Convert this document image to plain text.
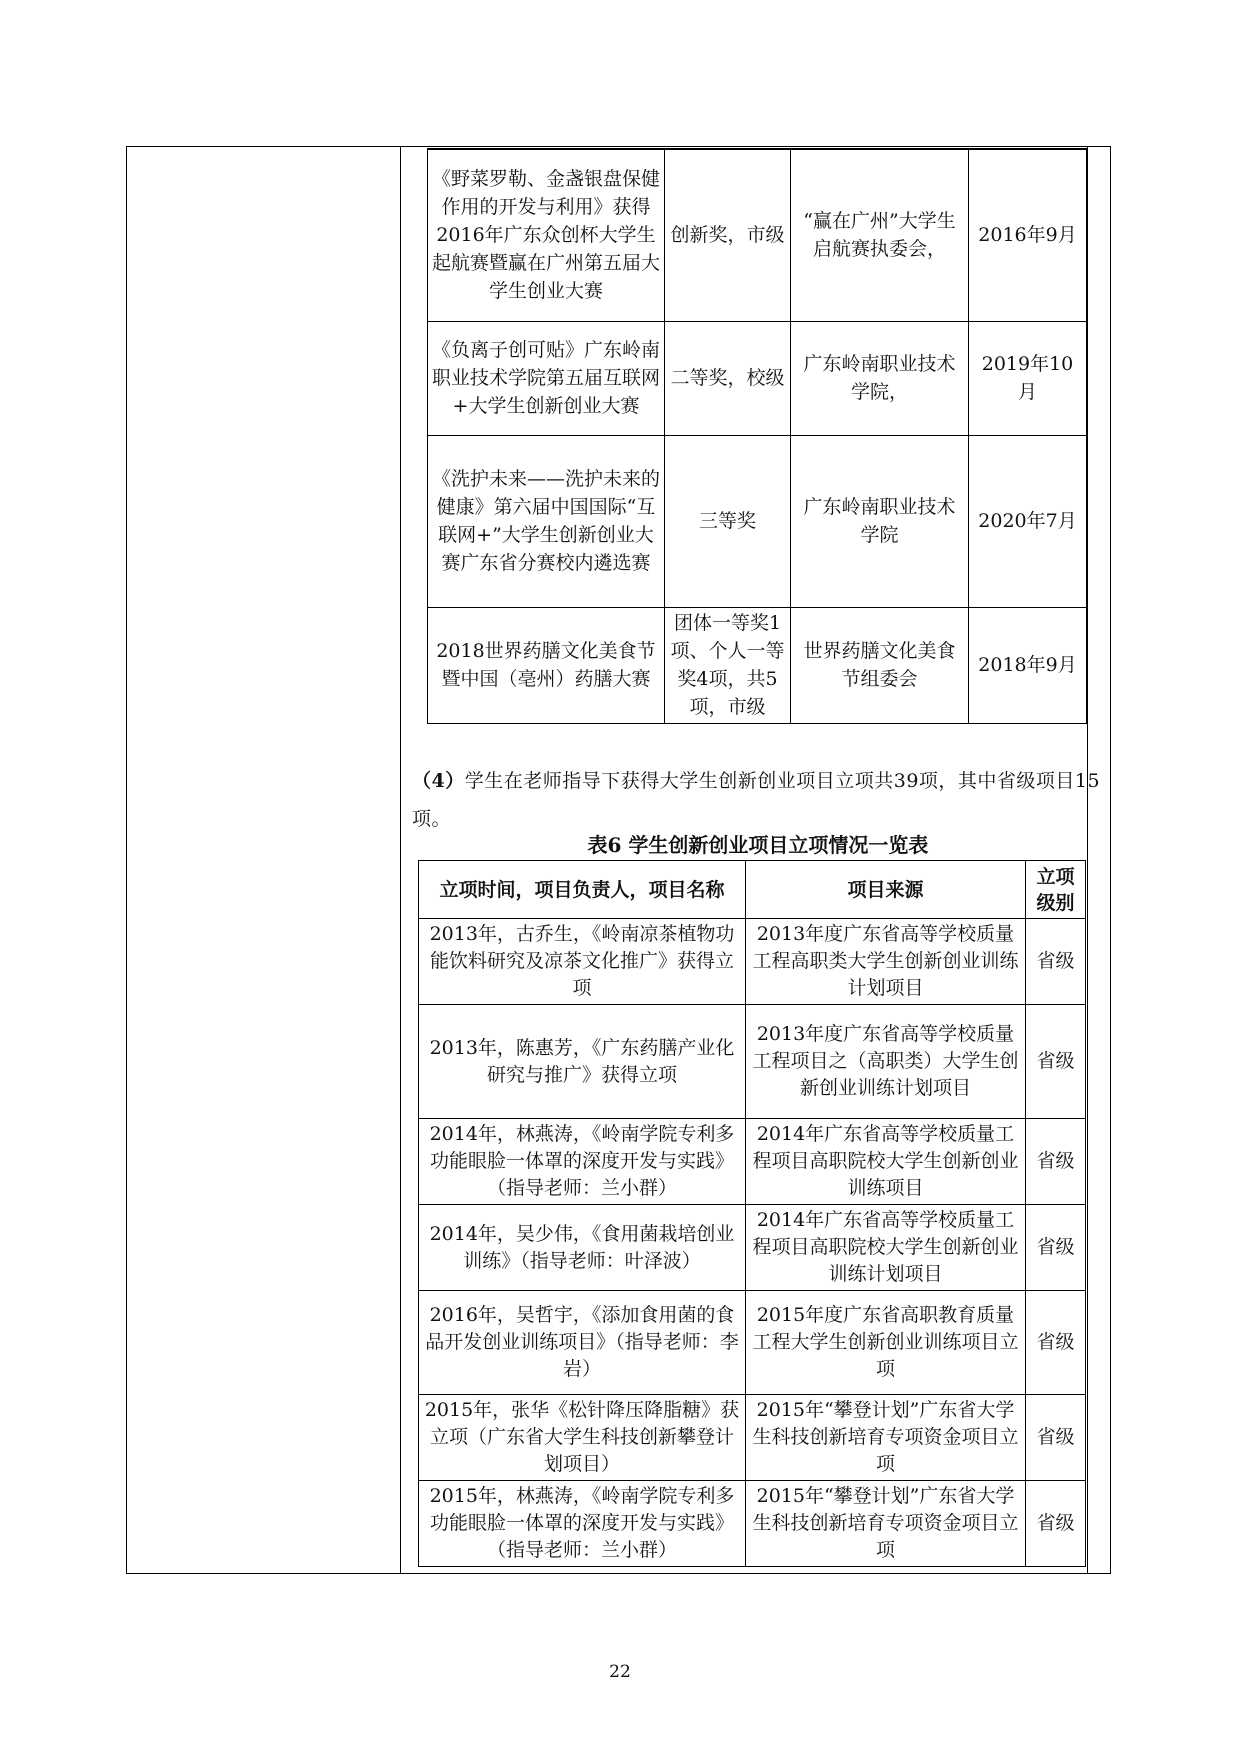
《野菜罗勒、金盏银盘保健作用的开发与利用》获得2016年广东众创杯大学生起航赛暨赢在广州第五届大学生创业大赛	创新奖，市级	“赢在广州”大学生启航赛执委会，	2016年9月
《负离子创可贴》广东岭南职业技术学院第五届互联网+大学生创新创业大赛	二等奖，校级	广东岭南职业技术学院，	2019年10月
《洗护未来——洗护未来的健康》第六届中国国际“互联网+”大学生创新创业大赛广东省分赛校内遴选赛	三等奖	广东岭南职业技术学院	2020年7月
2018世界药膳文化美食节暨中国（亳州）药膳大赛	团体一等奖1项、个人一等奖4项，共5项，市级	世界药膳文化美食节组委会	2018年9月
（4）学生在老师指导下获得大学生创新创业项目立项共39项，其中省级项目15项。
表6 学生创新创业项目立项情况一览表
立项时间，项目负责人，项目名称	项目来源	立项级别
2013年，古乔生，《岭南凉茶植物功能饮料研究及凉茶文化推广》获得立项	2013年度广东省高等学校质量工程高职类大学生创新创业训练计划项目	省级
2013年，陈惠芳，《广东药膳产业化研究与推广》获得立项	2013年度广东省高等学校质量工程项目之（高职类）大学生创新创业训练计划项目	省级
2014年，林燕涛，《岭南学院专利多功能眼脸一体罩的深度开发与实践》（指导老师：兰小群）	2014年广东省高等学校质量工程项目高职院校大学生创新创业训练项目	省级
2014年，吴少伟，《食用菌栽培创业训练》（指导老师：叶泽波）	2014年广东省高等学校质量工程项目高职院校大学生创新创业训练计划项目	省级
2016年，吴哲宇，《添加食用菌的食品开发创业训练项目》（指导老师：李岩）	2015年度广东省高职教育质量工程大学生创新创业训练项目立项	省级
2015年，张华《松针降压降脂糖》获立项（广东省大学生科技创新攀登计划项目）	2015年“攀登计划”广东省大学生科技创新培育专项资金项目立项	省级
2015年，林燕涛，《岭南学院专利多功能眼脸一体罩的深度开发与实践》（指导老师：兰小群）	2015年“攀登计划”广东省大学生科技创新培育专项资金项目立项	省级
22
